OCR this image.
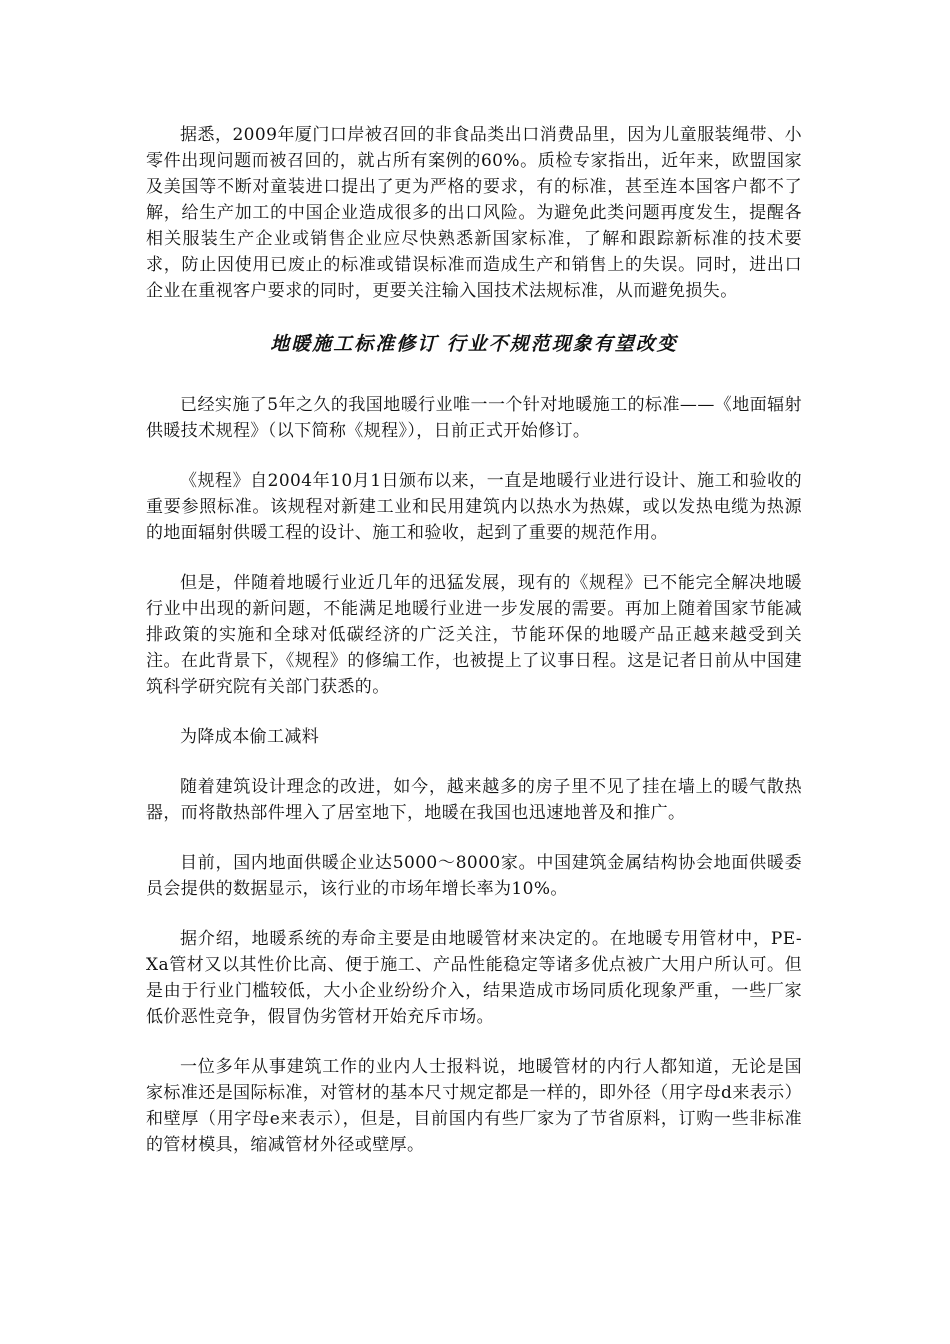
据悉，2009年厦门口岸被召回的非食品类出口消费品里，因为儿童服装绳带、小零件出现问题而被召回的，就占所有案例的60%。质检专家指出，近年来，欧盟国家及美国等不断对童装进口提出了更为严格的要求，有的标准，甚至连本国客户都不了解，给生产加工的中国企业造成很多的出口风险。为避免此类问题再度发生，提醒各相关服装生产企业或销售企业应尽快熟悉新国家标准，了解和跟踪新标准的技术要求，防止因使用已废止的标准或错误标准而造成生产和销售上的失误。同时，进出口企业在重视客户要求的同时，更要关注输入国技术法规标准，从而避免损失。

地暖施工标准修订 行业不规范现象有望改变

已经实施了5年之久的我国地暖行业唯一一个针对地暖施工的标准——《地面辐射供暖技术规程》（以下简称《规程》），日前正式开始修订。

《规程》自2004年10月1日颁布以来，一直是地暖行业进行设计、施工和验收的重要参照标准。该规程对新建工业和民用建筑内以热水为热媒，或以发热电缆为热源的地面辐射供暖工程的设计、施工和验收，起到了重要的规范作用。

但是，伴随着地暖行业近几年的迅猛发展，现有的《规程》已不能完全解决地暖行业中出现的新问题，不能满足地暖行业进一步发展的需要。再加上随着国家节能减排政策的实施和全球对低碳经济的广泛关注，节能环保的地暖产品正越来越受到关注。在此背景下，《规程》的修编工作，也被提上了议事日程。这是记者日前从中国建筑科学研究院有关部门获悉的。

为降成本偷工减料

随着建筑设计理念的改进，如今，越来越多的房子里不见了挂在墙上的暖气散热器，而将散热部件埋入了居室地下，地暖在我国也迅速地普及和推广。

目前，国内地面供暖企业达5000～8000家。中国建筑金属结构协会地面供暖委员会提供的数据显示，该行业的市场年增长率为10%。

据介绍，地暖系统的寿命主要是由地暖管材来决定的。在地暖专用管材中，PE-Xa管材又以其性价比高、便于施工、产品性能稳定等诸多优点被广大用户所认可。但是由于行业门槛较低，大小企业纷纷介入，结果造成市场同质化现象严重，一些厂家低价恶性竞争，假冒伪劣管材开始充斥市场。

一位多年从事建筑工作的业内人士报料说，地暖管材的内行人都知道，无论是国家标准还是国际标准，对管材的基本尺寸规定都是一样的，即外径（用字母d来表示）和壁厚（用字母e来表示），但是，目前国内有些厂家为了节省原料，订购一些非标准的管材模具，缩减管材外径或壁厚。
